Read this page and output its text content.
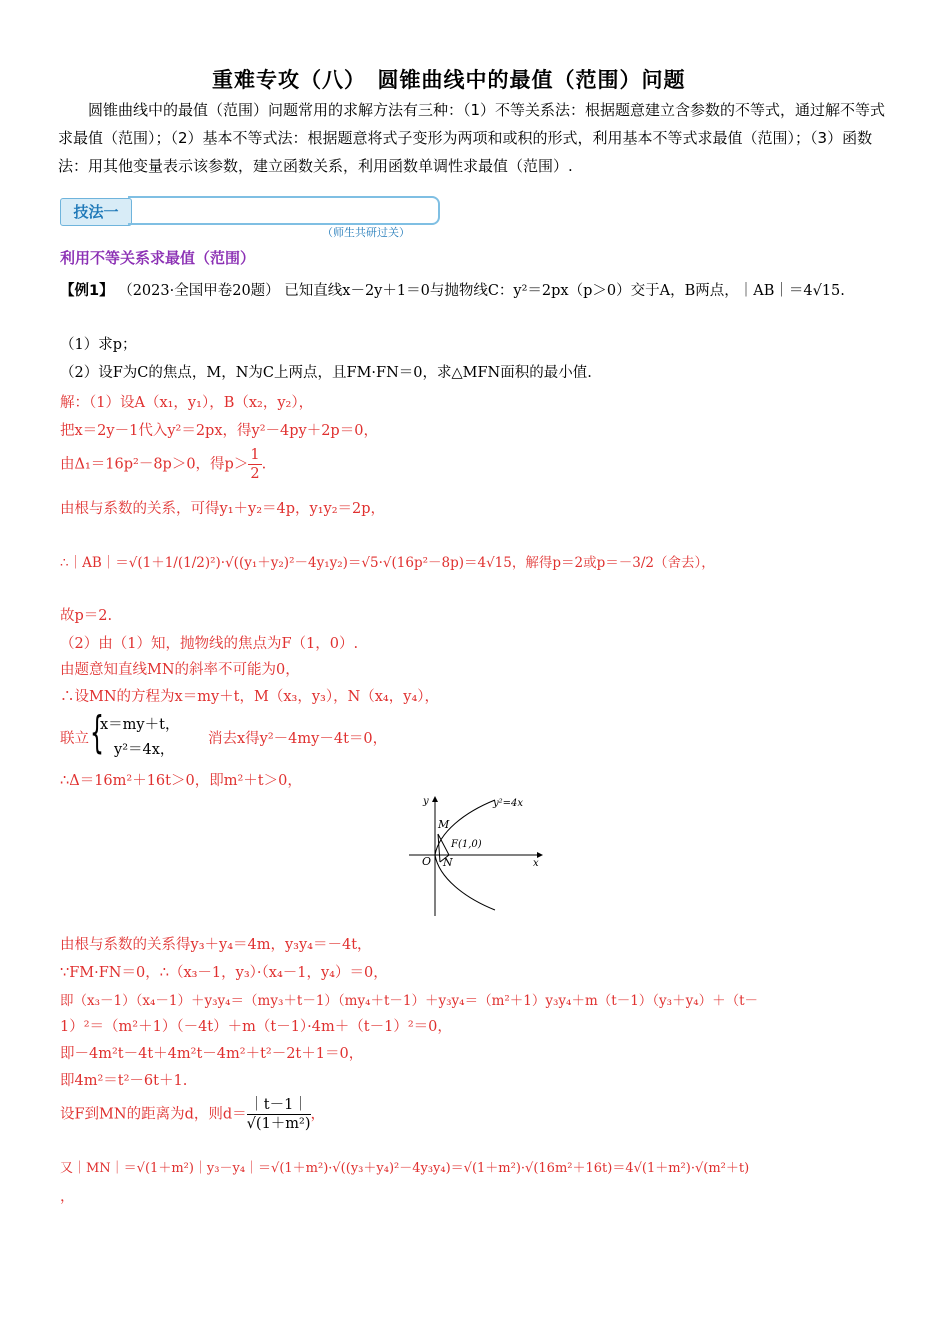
重难专攻（八）　圆锥曲线中的最值（范围）问题
圆锥曲线中的最值（范围）问题常用的求解方法有三种：（1）不等关系法：根据题意建立含参数的不等式，通过解不等式求最值（范围）；（2）基本不等式法：根据题意将式子变形为两项和或积的形式，利用基本不等式求最值（范围）；（3）函数法：用其他变量表示该参数，建立函数关系，利用函数单调性求最值（范围）.
技法一
（师生共研过关）
利用不等关系求最值（范围）
【例1】 （2023·全国甲卷20题） 已知直线x－2y＋1＝0与抛物线C：y²＝2px（p＞0）交于A，B两点，｜AB｜＝4√15.
（1）求p；
（2）设F为C的焦点，M，N为C上两点，且FM·FN＝0，求△MFN面积的最小值.
解：（1）设A（x₁，y₁），B（x₂，y₂），
把x＝2y－1代入y²＝2px，得y²－4py＋2p＝0，
由Δ₁＝16p²－8p＞0，得$p> \frac{1}{2}$ .
由根与系数的关系，可得y₁＋y₂＝4p，y₁y₂＝2p，
∴｜AB｜＝√(1＋1/(1/2)²)·√((y₁＋y₂)²－4y₁y₂)＝√5·√(16p²－8p)＝4√15，解得p＝2或p＝－3/2（舍去），
故p＝2.
（2）由（1）知，抛物线的焦点为F（1，0）.
由题意知直线MN的斜率不可能为0，
∴设MN的方程为x＝my＋t，M（x₃，y₃），N（x₄，y₄），
联立 {
x＝my＋t，
y²＝4x，
消去x得y²－4my－4t＝0，
∴Δ＝16m²＋16t＞0，即m²＋t＞0，
y²=4x
y
x
O
M
N
F(1,0)
由根与系数的关系得y₃＋y₄＝4m，y₃y₄＝－4t，
∵FM·FN＝0，∴（x₃－1，y₃）·（x₄－1，y₄）＝0，
即（x₃－1）（x₄－1）＋y₃y₄＝（my₃＋t－1）（my₄＋t－1）＋y₃y₄＝（m²＋1）y₃y₄＋m（t－1）（y₃＋y₄）＋（t－
1）²＝（m²＋1）（－4t）＋m（t－1）·4m＋（t－1）²＝0，
即－4m²t－4t＋4m²t－4m²＋t²－2t＋1＝0，
即4m²＝t²－6t＋1.
设F到MN的距离为d，则$d= \frac{|t-1|}{\text{√(1＋m²)}}$ ，
又｜MN｜＝√(1＋m²)｜y₃－y₄｜＝√(1＋m²)·√((y₃＋y₄)²－4y₃y₄)＝√(1＋m²)·√(16m²＋16t)＝4√(1＋m²)·√(m²＋t)
，
